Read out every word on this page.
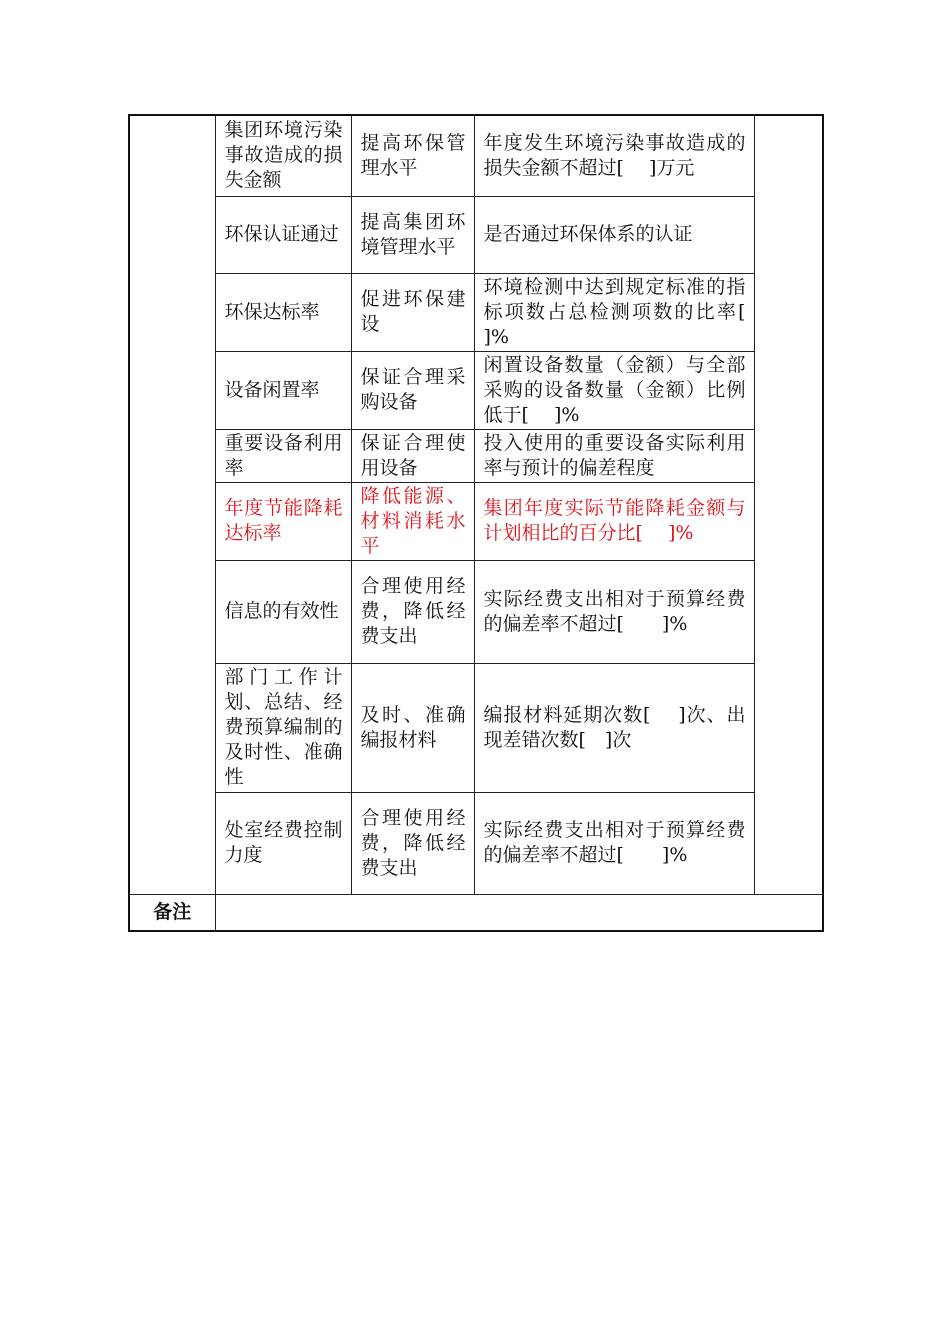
	集团环境污染事故造成的损失金额	提高环保管理水平	年度发生环境污染事故造成的损失金额不超过[　 ]万元	
	环保认证通过	提高集团环境管理水平	是否通过环保体系的认证	
	环保达标率	促进环保建设	环境检测中达到规定标准的指标项数占总检测项数的比率[　 ]%	
	设备闲置率	保证合理采购设备	闲置设备数量（金额）与全部采购的设备数量（金额）比例低于[　 ]%	
	重要设备利用率	保证合理使用设备	投入使用的重要设备实际利用率与预计的偏差程度	
	年度节能降耗达标率	降低能源、材料消耗水平	集团年度实际节能降耗金额与计划相比的百分比[　 ]%	
	信息的有效性	合理使用经费，降低经费支出	实际经费支出相对于预算经费的偏差率不超过[　　]%	
	部门工作计划、总结、经费预算编制的及时性、准确性	及时、准确编报材料	编报材料延期次数[　 ]次、出现差错次数[　]次	
	处室经费控制力度	合理使用经费，降低经费支出	实际经费支出相对于预算经费的偏差率不超过[　　]%	
备注				
